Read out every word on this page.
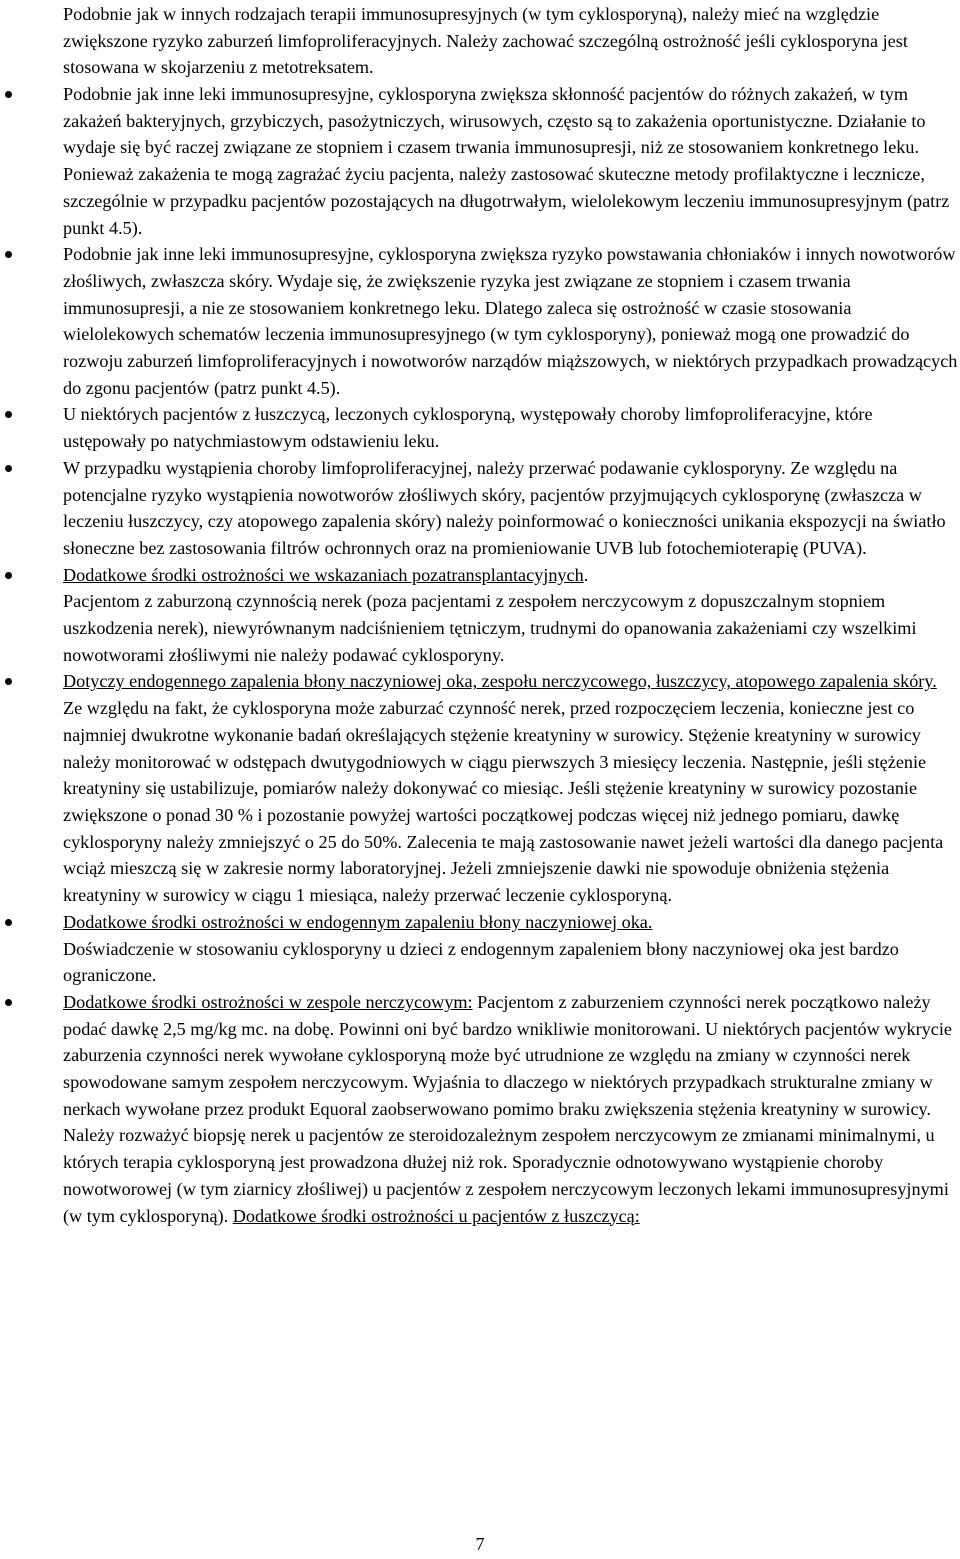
Podobnie jak w innych rodzajach terapii immunosupresyjnych (w tym cyklosporyną), należy mieć na względzie zwiększone ryzyko zaburzeń limfoproliferacyjnych. Należy zachować szczególną ostrożność jeśli cyklosporyna jest stosowana w skojarzeniu z metotreksatem.

Podobnie jak inne leki immunosupresyjne, cyklosporyna zwiększa skłonność pacjentów do różnych zakażeń, w tym zakażeń bakteryjnych, grzybiczych, pasożytniczych, wirusowych, często są to zakażenia oportunistyczne. Działanie to wydaje się być raczej związane ze stopniem i czasem trwania immunosupresji, niż ze stosowaniem konkretnego leku. Ponieważ zakażenia te mogą zagrażać życiu pacjenta, należy zastosować skuteczne metody profilaktyczne i lecznicze, szczególnie w przypadku pacjentów pozostających na długotrwałym, wielolekowym leczeniu immunosupresyjnym (patrz punkt 4.5).
Podobnie jak inne leki immunosupresyjne, cyklosporyna zwiększa ryzyko powstawania chłoniaków i innych nowotworów złośliwych, zwłaszcza skóry. Wydaje się, że zwiększenie ryzyka jest związane ze stopniem i czasem trwania immunosupresji, a nie ze stosowaniem konkretnego leku. Dlatego zaleca się ostrożność w czasie stosowania wielolekowych schematów leczenia immunosupresyjnego (w tym cyklosporyny), ponieważ mogą one prowadzić do rozwoju zaburzeń limfoproliferacyjnych i nowotworów narządów miąższowych, w niektórych przypadkach prowadzących do zgonu pacjentów (patrz punkt 4.5).
U niektórych pacjentów z łuszczycą, leczonych cyklosporyną, występowały choroby limfoproliferacyjne, które ustępowały po natychmiastowym odstawieniu leku.
W przypadku wystąpienia choroby limfoproliferacyjnej, należy przerwać podawanie cyklosporyny. Ze względu na potencjalne ryzyko wystąpienia nowotworów złośliwych skóry, pacjentów przyjmujących cyklosporynę (zwłaszcza w leczeniu łuszczycy, czy atopowego zapalenia skóry) należy poinformować o konieczności unikania ekspozycji na światło słoneczne bez zastosowania filtrów ochronnych oraz na promieniowanie UVB lub fotochemioterapię (PUVA).
Dodatkowe środki ostrożności we wskazaniach pozatransplantacyjnych.
Pacjentom z zaburzoną czynnością nerek (poza pacjentami z zespołem nerczycowym z dopuszczalnym stopniem uszkodzenia nerek), niewyrównanym nadciśnieniem tętniczym, trudnymi do opanowania zakażeniami czy wszelkimi nowotworami złośliwymi nie należy podawać cyklosporyny.
Dotyczy endogennego zapalenia błony naczyniowej oka, zespołu nerczycowego, łuszczycy, atopowego zapalenia skóry.
Ze względu na fakt, że cyklosporyna może zaburzać czynność nerek, przed rozpoczęciem leczenia, konieczne jest co najmniej dwukrotne wykonanie badań określających stężenie kreatyniny w surowicy. Stężenie kreatyniny w surowicy należy monitorować w odstępach dwutygodniowych w ciągu pierwszych 3 miesięcy leczenia. Następnie, jeśli stężenie kreatyniny się ustabilizuje, pomiarów należy dokonywać co miesiąc. Jeśli stężenie kreatyniny w surowicy pozostanie zwiększone o ponad 30 % i pozostanie powyżej wartości początkowej podczas więcej niż jednego pomiaru, dawkę cyklosporyny należy zmniejszyć o 25 do 50%. Zalecenia te mają zastosowanie nawet jeżeli wartości dla danego pacjenta wciąż mieszczą się w zakresie normy laboratoryjnej. Jeżeli zmniejszenie dawki nie spowoduje obniżenia stężenia kreatyniny w surowicy w ciągu 1 miesiąca, należy przerwać leczenie cyklosporyną.
Dodatkowe środki ostrożności w endogennym zapaleniu błony naczyniowej oka.
Doświadczenie w stosowaniu cyklosporyny u dzieci z endogennym zapaleniem błony naczyniowej oka jest bardzo ograniczone.
Dodatkowe środki ostrożności w zespole nerczycowym: Pacjentom z zaburzeniem czynności nerek początkowo należy podać dawkę 2,5 mg/kg mc. na dobę. Powinni oni być bardzo wnikliwie monitorowani. U niektórych pacjentów wykrycie zaburzenia czynności nerek wywołane cyklosporyną może być utrudnione ze względu na zmiany w czynności nerek spowodowane samym zespołem nerczycowym. Wyjaśnia to dlaczego w niektórych przypadkach strukturalne zmiany w nerkach wywołane przez produkt Equoral zaobserwowano pomimo braku zwiększenia stężenia kreatyniny w surowicy. Należy rozważyć biopsję nerek u pacjentów ze steroidozależnym zespołem nerczycowym ze zmianami minimalnymi, u których terapia cyklosporyną jest prowadzona dłużej niż rok. Sporadycznie odnotowywano wystąpienie choroby nowotworowej (w tym ziarnicy złośliwej) u pacjentów z zespołem nerczycowym leczonych lekami immunosupresyjnymi (w tym cyklosporyną). Dodatkowe środki ostrożności u pacjentów z łuszczycą:
7
